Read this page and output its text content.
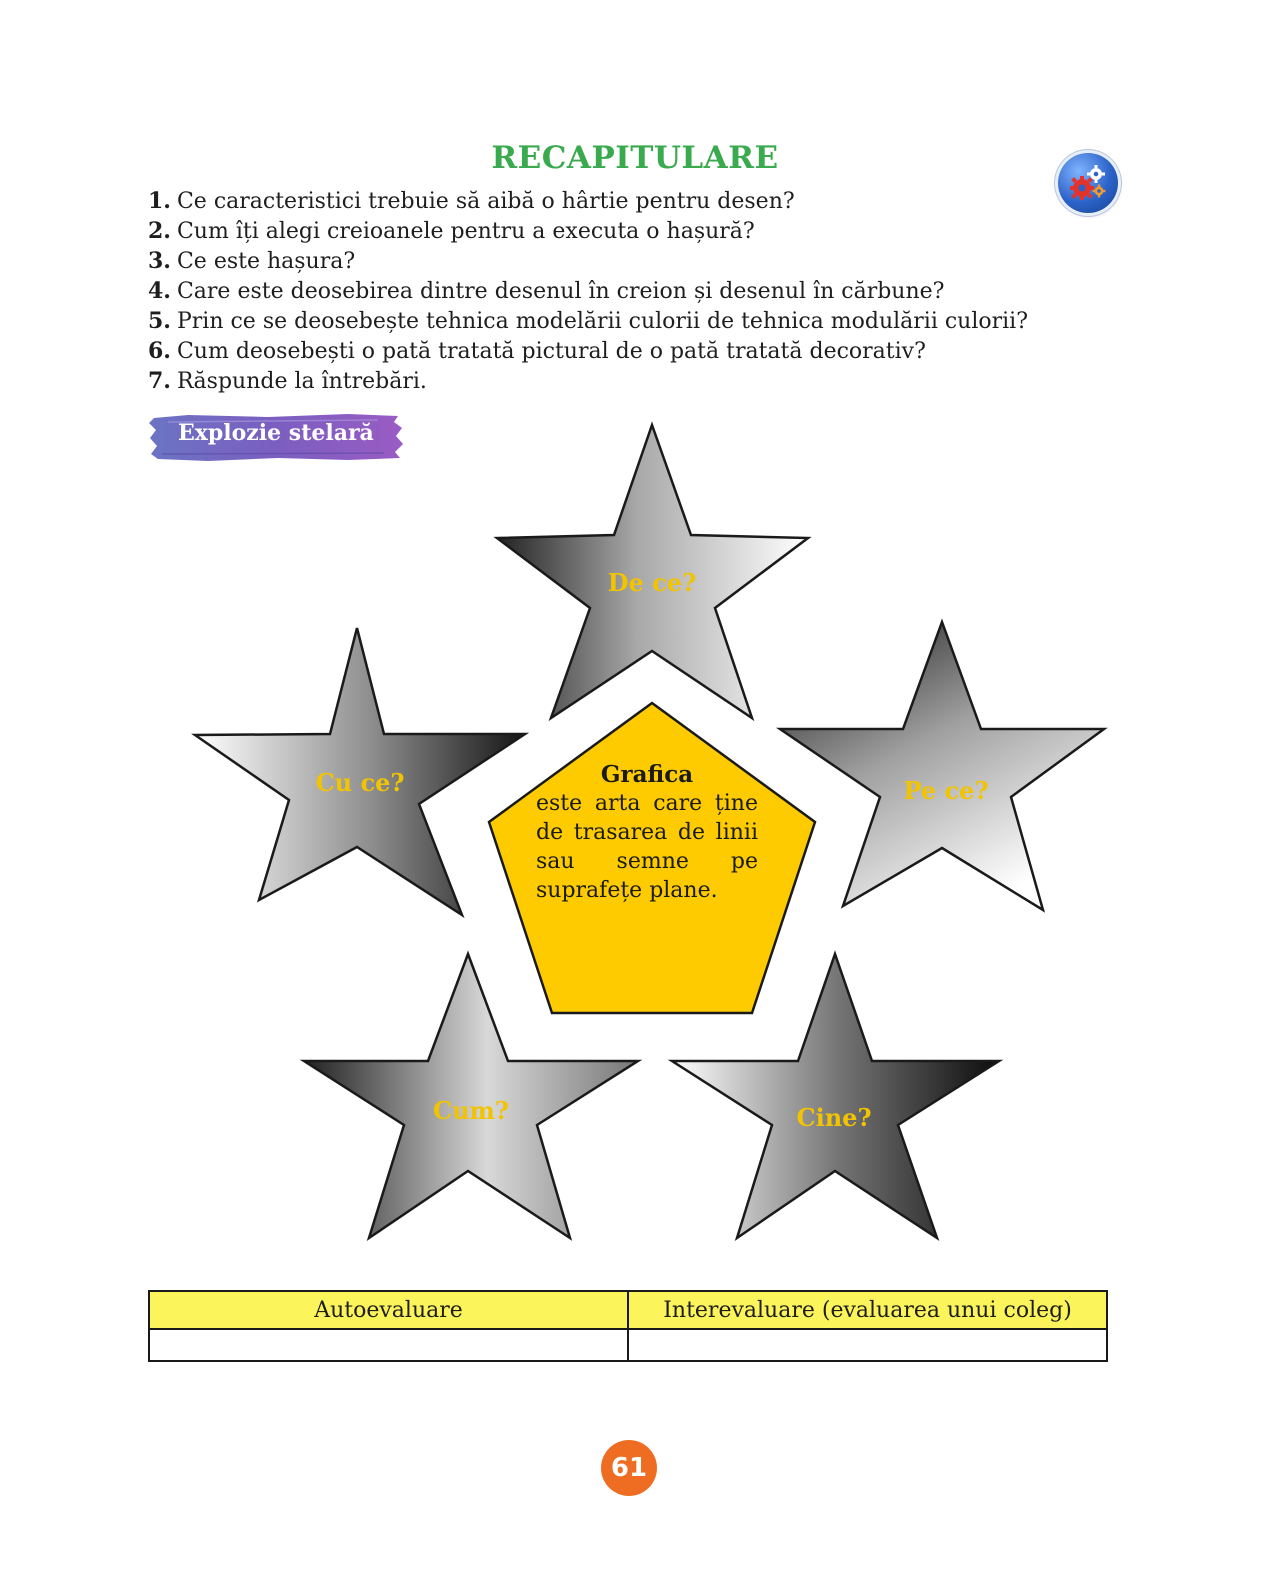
RECAPITULARE
1. Ce caracteristici trebuie să aibă o hârtie pentru desen?
2. Cum îți alegi creioanele pentru a executa o hașură?
3. Ce este hașura?
4. Care este deosebirea dintre desenul în creion și desenul în cărbune?
5. Prin ce se deosebește tehnica modelării culorii de tehnica modulării culorii?
6. Cum deosebești o pată tratată pictural de o pată tratată decorativ?
7. Răspunde la întrebări.
Explozie stelară
De ce?
Cu ce?	Pe ce?
Cum?	Cine?
Grafica
este arta care ține de trasarea de linii sau semne pe suprafețe plane.
Autoevaluare	Interevaluare (evaluarea unui coleg)

61
